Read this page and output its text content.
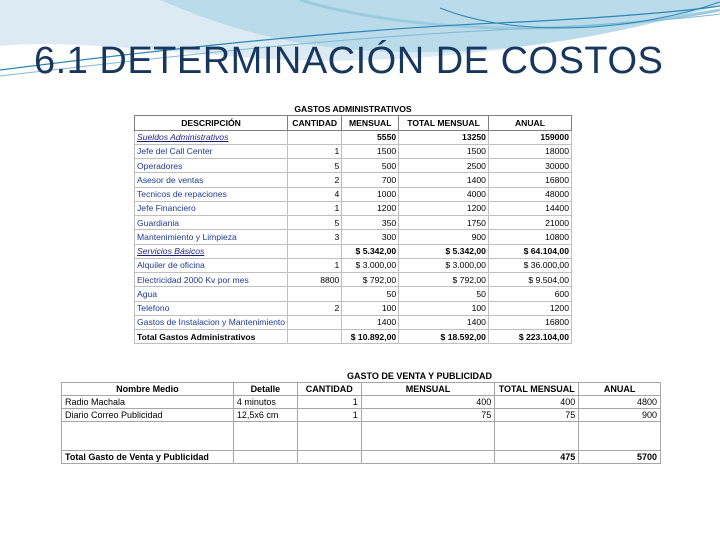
6.1 DETERMINACIÓN DE COSTOS
GASTOS ADMINISTRATIVOS				
DESCRIPCIÓN	CANTIDAD	MENSUAL	TOTAL MENSUAL	ANUAL
Sueldos Administrativos		5550	13250	159000
Jefe del Call Center	1	1500	1500	18000
Operadores	5	500	2500	30000
Asesor de ventas	2	700	1400	16800
Tecnicos de repaciones	4	1000	4000	48000
Jefe Financiero	1	1200	1200	14400
Guardiania	5	350	1750	21000
Mantenimiento y Limpieza	3	300	900	10800
Servicios Básicos		$ 5.342,00	$ 5.342,00	$ 64.104,00
Alquiler de oficina	1	$ 3.000,00	$ 3.000,00	$ 36.000,00
Electricidad 2000 Kv por mes	8800	$ 792,00	$ 792,00	$ 9.504,00
Agua		50	50	600
Telefono	2	100	100	1200
Gastos de Instalacion y Mantenimiento		1400	1400	16800
Total Gastos Administrativos		$ 10.892,00	$ 18.592,00	$ 223.104,00
GASTO DE VENTA Y PUBLICIDAD					
Nombre Medio	Detalle	CANTIDAD	MENSUAL	TOTAL MENSUAL	ANUAL
Radio Machala	4 minutos	1	400	400	4800
Diario Correo Publicidad	12,5x6 cm	1	75	75	900

Total Gasto de Venta y Publicidad				475	5700
